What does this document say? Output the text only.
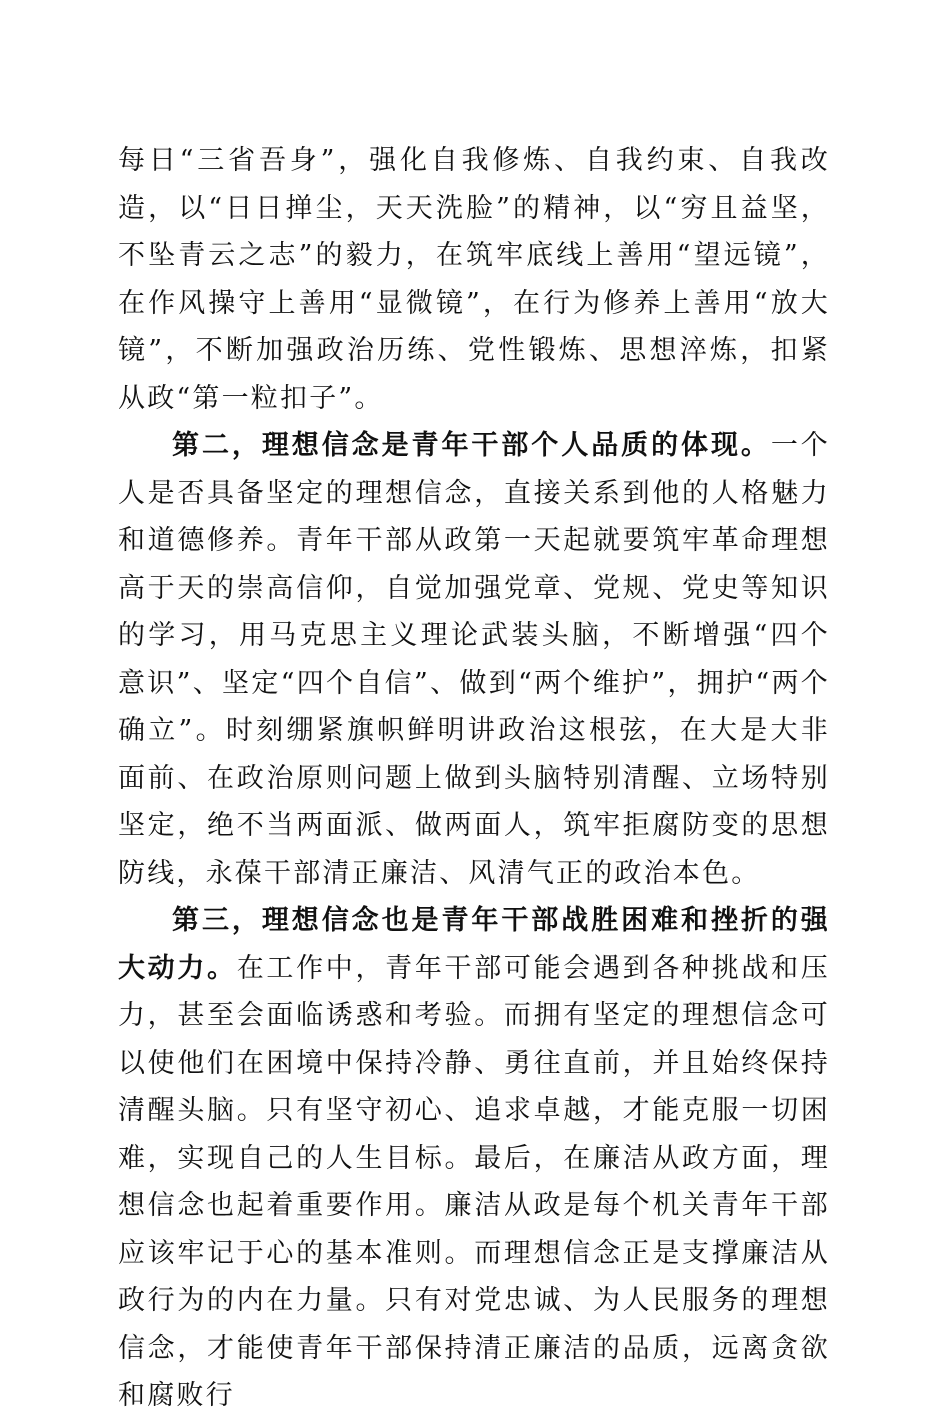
每日“三省吾身”，强化自我修炼、自我约束、自我改造，以“日日掸尘，天天洗脸”的精神，以“穷且益坚，不坠青云之志”的毅力，在筑牢底线上善用“望远镜”，在作风操守上善用“显微镜”，在行为修养上善用“放大镜”，不断加强政治历练、党性锻炼、思想淬炼，扣紧从政“第一粒扣子”。

第二，理想信念是青年干部个人品质的体现。一个人是否具备坚定的理想信念，直接关系到他的人格魅力和道德修养。青年干部从政第一天起就要筑牢革命理想高于天的崇高信仰，自觉加强党章、党规、党史等知识的学习，用马克思主义理论武装头脑，不断增强“四个意识”、坚定“四个自信”、做到“两个维护”，拥护“两个确立”。时刻绷紧旗帜鲜明讲政治这根弦，在大是大非面前、在政治原则问题上做到头脑特别清醒、立场特别坚定，绝不当两面派、做两面人，筑牢拒腐防变的思想防线，永葆干部清正廉洁、风清气正的政治本色。

第三，理想信念也是青年干部战胜困难和挫折的强大动力。在工作中，青年干部可能会遇到各种挑战和压力，甚至会面临诱惑和考验。而拥有坚定的理想信念可以使他们在困境中保持冷静、勇往直前，并且始终保持清醒头脑。只有坚守初心、追求卓越，才能克服一切困难，实现自己的人生目标。最后，在廉洁从政方面，理想信念也起着重要作用。廉洁从政是每个机关青年干部应该牢记于心的基本准则。而理想信念正是支撑廉洁从政行为的内在力量。只有对党忠诚、为人民服务的理想信念，才能使青年干部保持清正廉洁的品质，远离贪欲和腐败行
